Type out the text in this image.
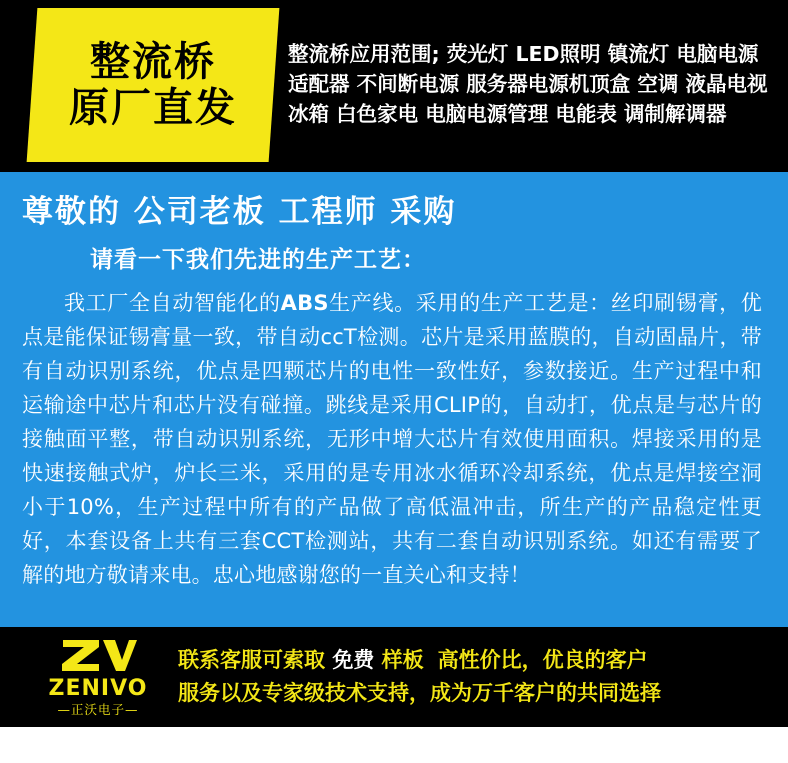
整流桥
原厂直发
整流桥应用范围; 荧光灯 LED照明 镇流灯 电脑电源
适配器 不间断电源 服务器电源机顶盒 空调 液晶电视
冰箱 白色家电 电脑电源管理 电能表 调制解调器
尊敬的 公司老板 工程师 采购
请看一下我们先进的生产工艺：
我工厂全自动智能化的ABS生产线。采用的生产工艺是：丝印刷锡膏，优点是能保证锡膏量一致，带自动ccT检测。芯片是采用蓝膜的，自动固晶片，带有自动识别系统，优点是四颗芯片的电性一致性好，参数接近。生产过程中和运输途中芯片和芯片没有碰撞。跳线是采用CLIP的，自动打，优点是与芯片的接触面平整，带自动识别系统，无形中增大芯片有效使用面积。焊接采用的是快速接触式炉，炉长三米，采用的是专用冰水循环冷却系统，优点是焊接空洞小于10%，生产过程中所有的产品做了高低温冲击，所生产的产品稳定性更好，本套设备上共有三套CCT检测站，共有二套自动识别系统。如还有需要了解的地方敬请来电。忠心地感谢您的一直关心和支持！
ZENIVO
—正沃电子—
联系客服可索取 免费 样板 高性价比，优良的客户
服务以及专家级技术支持，成为万千客户的共同选择
